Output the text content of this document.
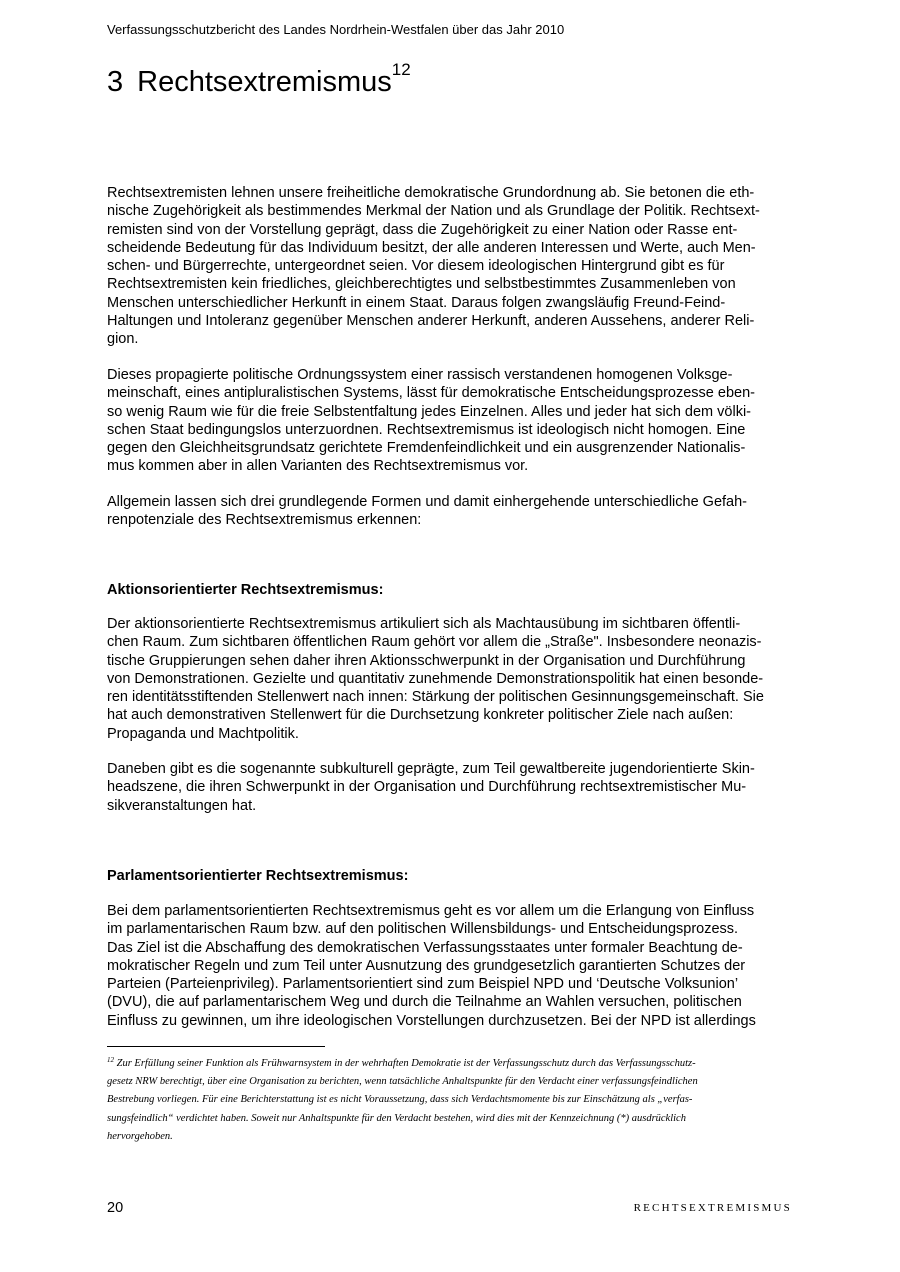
Verfassungsschutzbericht des Landes Nordrhein-Westfalen über das Jahr 2010
3 Rechtsextremismus$^{12}$

Rechtsextremisten lehnen unsere freiheitliche demokratische Grundordnung ab. Sie betonen die eth-
nische Zugehörigkeit als bestimmendes Merkmal der Nation und als Grundlage der Politik. Rechtsext-
remisten sind von der Vorstellung geprägt, dass die Zugehörigkeit zu einer Nation oder Rasse ent-
scheidende Bedeutung für das Individuum besitzt, der alle anderen Interessen und Werte, auch Men-
schen- und Bürgerrechte, untergeordnet seien. Vor diesem ideologischen Hintergrund gibt es für
Rechtsextremisten kein friedliches, gleichberechtigtes und selbstbestimmtes Zusammenleben von
Menschen unterschiedlicher Herkunft in einem Staat. Daraus folgen zwangsläufig Freund-Feind-
Haltungen und Intoleranz gegenüber Menschen anderer Herkunft, anderen Aussehens, anderer Reli-
gion.

Dieses propagierte politische Ordnungssystem einer rassisch verstandenen homogenen Volksge-
meinschaft, eines antipluralistischen Systems, lässt für demokratische Entscheidungsprozesse eben-
so wenig Raum wie für die freie Selbstentfaltung jedes Einzelnen. Alles und jeder hat sich dem völki-
schen Staat bedingungslos unterzuordnen. Rechtsextremismus ist ideologisch nicht homogen. Eine
gegen den Gleichheitsgrundsatz gerichtete Fremdenfeindlichkeit und ein ausgrenzender Nationalis-
mus kommen aber in allen Varianten des Rechtsextremismus vor.

Allgemein lassen sich drei grundlegende Formen und damit einhergehende unterschiedliche Gefah-
renpotenziale des Rechtsextremismus erkennen:

Aktionsorientierter Rechtsextremismus:

Der aktionsorientierte Rechtsextremismus artikuliert sich als Machtausübung im sichtbaren öffentli-
chen Raum. Zum sichtbaren öffentlichen Raum gehört vor allem die „Straße". Insbesondere neonazis-
tische Gruppierungen sehen daher ihren Aktionsschwerpunkt in der Organisation und Durchführung
von Demonstrationen. Gezielte und quantitativ zunehmende Demonstrationspolitik hat einen besonde-
ren identitätsstiftenden Stellenwert nach innen: Stärkung der politischen Gesinnungsgemeinschaft. Sie
hat auch demonstrativen Stellenwert für die Durchsetzung konkreter politischer Ziele nach außen:
Propaganda und Machtpolitik.

Daneben gibt es die sogenannte subkulturell geprägte, zum Teil gewaltbereite jugendorientierte Skin-
headszene, die ihren Schwerpunkt in der Organisation und Durchführung rechtsextremistischer Mu-
sikveranstaltungen hat.

Parlamentsorientierter Rechtsextremismus:

Bei dem parlamentsorientierten Rechtsextremismus geht es vor allem um die Erlangung von Einfluss
im parlamentarischen Raum bzw. auf den politischen Willensbildungs- und Entscheidungsprozess.
Das Ziel ist die Abschaffung des demokratischen Verfassungsstaates unter formaler Beachtung de-
mokratischer Regeln und zum Teil unter Ausnutzung des grundgesetzlich garantierten Schutzes der
Parteien (Parteienprivileg). Parlamentsorientiert sind zum Beispiel NPD und ‘Deutsche Volksunion’
(DVU), die auf parlamentarischem Weg und durch die Teilnahme an Wahlen versuchen, politischen
Einfluss zu gewinnen, um ihre ideologischen Vorstellungen durchzusetzen. Bei der NPD ist allerdings

$^{12}$ Zur Erfüllung seiner Funktion als Frühwarnsystem in der wehrhaften Demokratie ist der Verfassungsschutz durch das Verfassungsschutz-
gesetz NRW berechtigt, über eine Organisation zu berichten, wenn tatsächliche Anhaltspunkte für den Verdacht einer verfassungsfeindlichen
Bestrebung vorliegen. Für eine Berichterstattung ist es nicht Voraussetzung, dass sich Verdachtsmomente bis zur Einschätzung als „verfas-
sungsfeindlich“ verdichtet haben. Soweit nur Anhaltspunkte für den Verdacht bestehen, wird dies mit der Kennzeichnung (*) ausdrücklich
hervorgehoben.

20	RECHTSEXTREMISMUS
